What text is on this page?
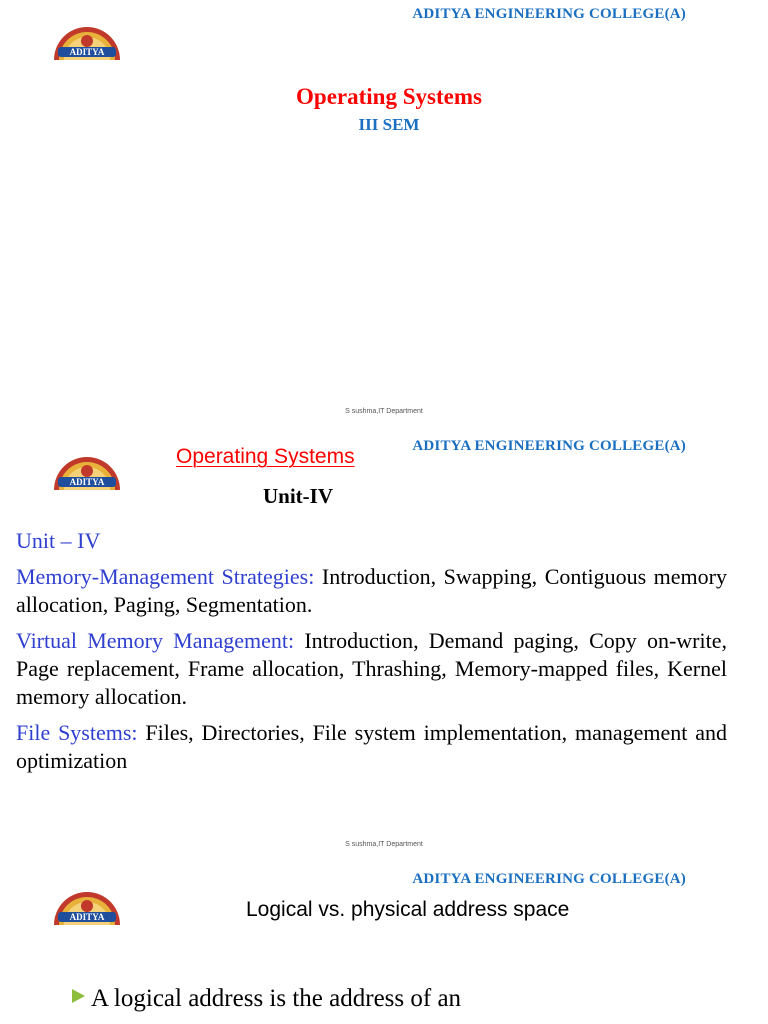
ADITYA ENGINEERING COLLEGE(A)
ADITYA
Operating Systems
III SEM
S sushma,IT Department
ADITYA ENGINEERING COLLEGE(A)
ADITYA
Operating Systems
Unit-IV

Unit – IV

Memory-Management Strategies: Introduction, Swapping, Contiguous memory allocation, Paging, Segmentation.

Virtual Memory Management: Introduction, Demand paging, Copy on-write, Page replacement, Frame allocation, Thrashing, Memory-mapped files, Kernel memory allocation.

File Systems: Files, Directories, File system implementation, management and optimization

S sushma,IT Department
ADITYA ENGINEERING COLLEGE(A)
ADITYA	Logical vs. physical address space
A logical address is the address of an
